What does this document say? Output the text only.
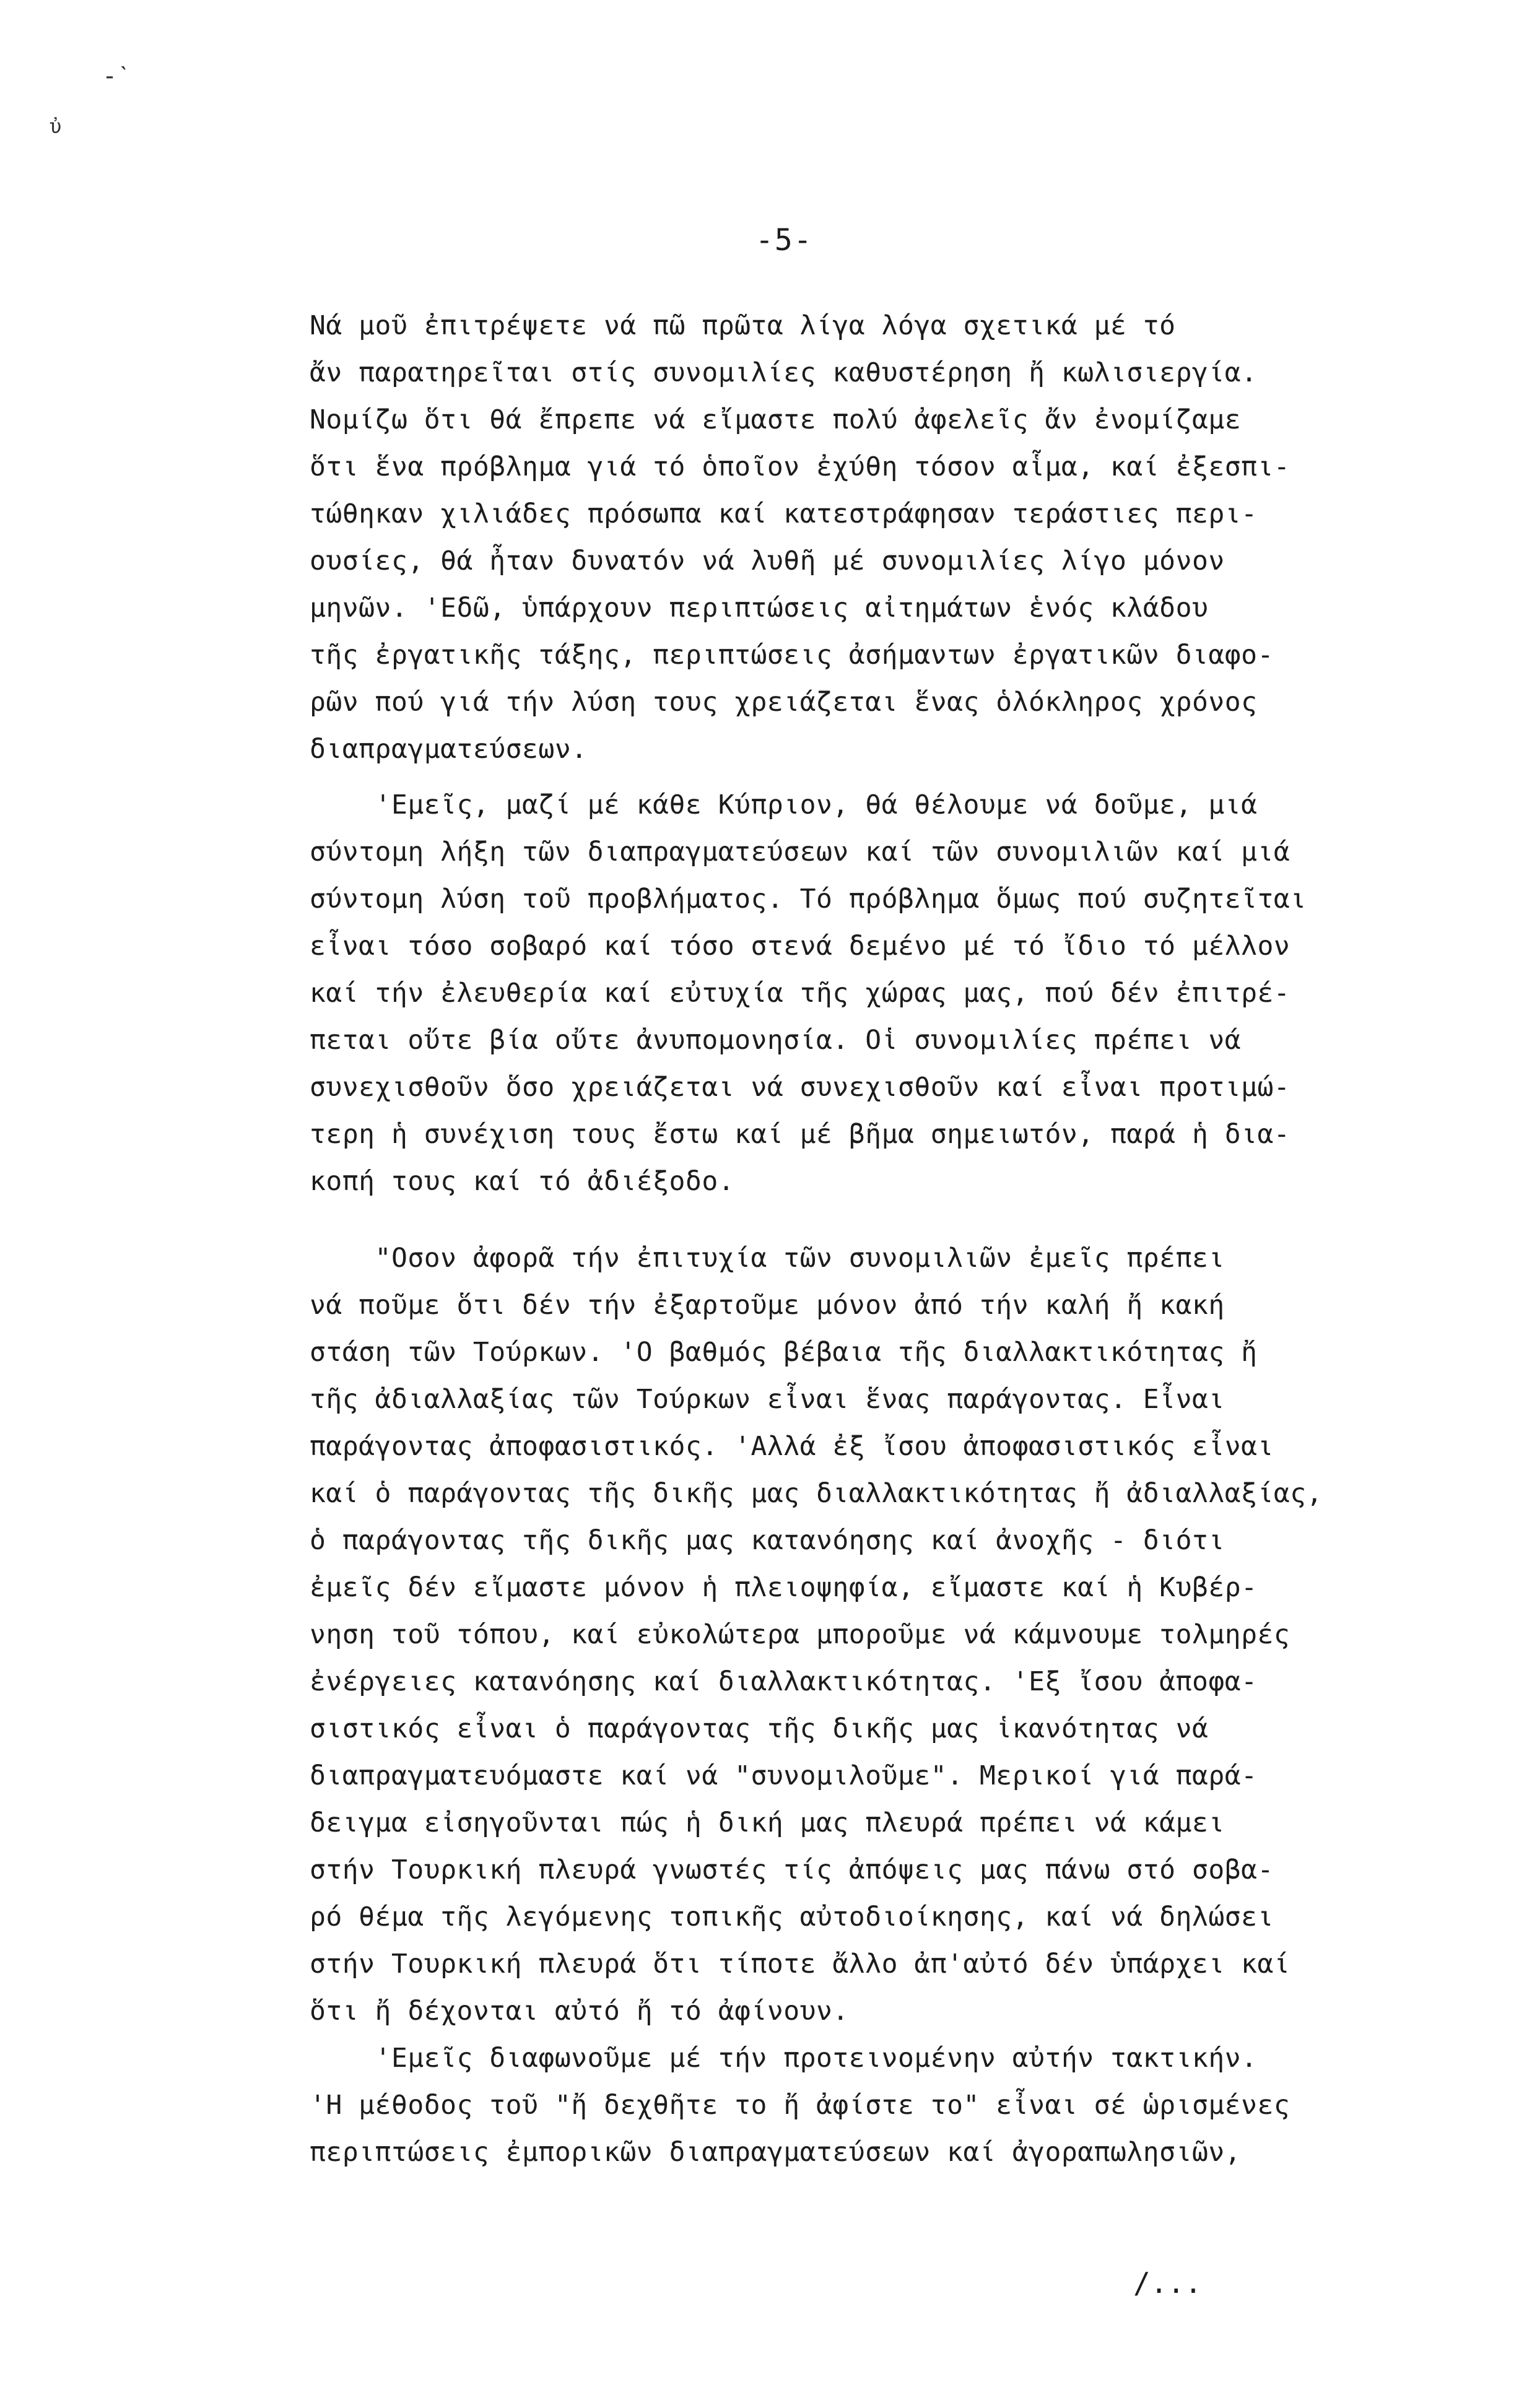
-ˋ
ὐ
-5-
Νά μοῦ ἐπιτρέψετε νά πῶ πρῶτα λίγα λόγα σχετικά μέ τό
ἄν παρατηρεῖται στίς συνομιλίες καθυστέρηση ἤ κωλισιεργία.
Νομίζω ὅτι θά ἔπρεπε νά εἴμαστε πολύ ἀφελεῖς ἄν ἐνομίζαμε
ὅτι ἕνα πρόβλημα γιά τό ὁποῖον ἐχύθη τόσον αἷμα, καί ἐξεσπι-
τώθηκαν χιλιάδες πρόσωπα καί κατεστράφησαν τεράστιες περι-
ουσίες, θά ἦταν δυνατόν νά λυθῆ μέ συνομιλίες λίγο μόνον
μηνῶν. 'Εδῶ, ὑπάρχουν περιπτώσεις αἰτημάτων ἑνός κλάδου
τῆς ἐργατικῆς τάξης, περιπτώσεις ἀσήμαντων ἐργατικῶν διαφο-
ρῶν πού γιά τήν λύση τους χρειάζεται ἕνας ὁλόκληρος χρόνος
διαπραγματεύσεων.
'Εμεῖς, μαζί μέ κάθε Κύπριον, θά θέλουμε νά δοῦμε, μιά
σύντομη λήξη τῶν διαπραγματεύσεων καί τῶν συνομιλιῶν καί μιά
σύντομη λύση τοῦ προβλήματος. Τό πρόβλημα ὅμως πού συζητεῖται
εἶναι τόσο σοβαρό καί τόσο στενά δεμένο μέ τό ἴδιο τό μέλλον
καί τήν ἐλευθερία καί εὐτυχία τῆς χώρας μας, πού δέν ἐπιτρέ-
πεται οὔτε βία οὔτε ἀνυπομονησία. Οἱ συνομιλίες πρέπει νά
συνεχισθοῦν ὅσο χρειάζεται νά συνεχισθοῦν καί εἶναι προτιμώ-
τερη ἡ συνέχιση τους ἔστω καί μέ βῆμα σημειωτόν, παρά ἡ δια-
κοπή τους καί τό ἀδιέξοδο.
"Οσον ἀφορᾶ τήν ἐπιτυχία τῶν συνομιλιῶν ἐμεῖς πρέπει
νά ποῦμε ὅτι δέν τήν ἐξαρτοῦμε μόνον ἀπό τήν καλή ἤ κακή
στάση τῶν Τούρκων. 'Ο βαθμός βέβαια τῆς διαλλακτικότητας ἤ
τῆς ἀδιαλλαξίας τῶν Τούρκων εἶναι ἕνας παράγοντας. Εἶναι
παράγοντας ἀποφασιστικός. 'Αλλά ἐξ ἴσου ἀποφασιστικός εἶναι
καί ὁ παράγοντας τῆς δικῆς μας διαλλακτικότητας ἤ ἀδιαλλαξίας,
ὁ παράγοντας τῆς δικῆς μας κατανόησης καί ἀνοχῆς - διότι
ἐμεῖς δέν εἴμαστε μόνον ἡ πλειοψηφία, εἴμαστε καί ἡ Κυβέρ-
νηση τοῦ τόπου, καί εὐκολώτερα μποροῦμε νά κάμνουμε τολμηρές
ἐνέργειες κατανόησης καί διαλλακτικότητας. 'Εξ ἴσου ἀποφα-
σιστικός εἶναι ὁ παράγοντας τῆς δικῆς μας ἱκανότητας νά
διαπραγματευόμαστε καί νά "συνομιλοῦμε". Μερικοί γιά παρά-
δειγμα εἰσηγοῦνται πώς ἡ δική μας πλευρά πρέπει νά κάμει
στήν Τουρκική πλευρά γνωστές τίς ἀπόψεις μας πάνω στό σοβα-
ρό θέμα τῆς λεγόμενης τοπικῆς αὐτοδιοίκησης, καί νά δηλώσει
στήν Τουρκική πλευρά ὅτι τίποτε ἄλλο ἀπ'αὐτό δέν ὑπάρχει καί
ὅτι ἤ δέχονται αὐτό ἤ τό ἀφίνουν.
'Εμεῖς διαφωνοῦμε μέ τήν προτεινομένην αὐτήν τακτικήν.
'Η μέθοδος τοῦ "ἤ δεχθῆτε το ἤ ἀφίστε το" εἶναι σέ ὡρισμένες
περιπτώσεις ἐμπορικῶν διαπραγματεύσεων καί ἀγοραπωλησιῶν,
/...
